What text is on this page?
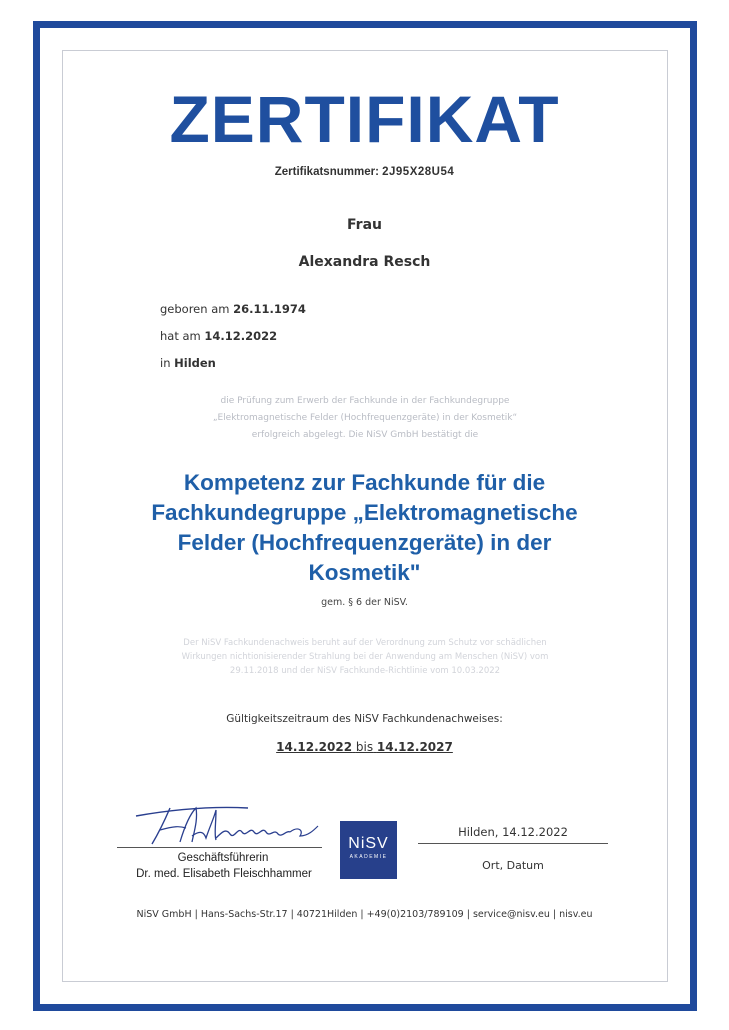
ZERTIFIKAT
Zertifikatsnummer: 2J95X28U54
Frau
Alexandra Resch
geboren am 26.11.1974
hat am 14.12.2022
in Hilden
die Prüfung zum Erwerb der Fachkunde in der Fachkundegruppe
„Elektromagnetische Felder (Hochfrequenzgeräte) in der Kosmetik“
erfolgreich abgelegt. Die NiSV GmbH bestätigt die
Kompetenz zur Fachkunde für die
Fachkundegruppe „Elektromagnetische
Felder (Hochfrequenzgeräte) in der
Kosmetik"
gem. § 6 der NiSV.
Der NiSV Fachkundenachweis beruht auf der Verordnung zum Schutz vor schädlichen
Wirkungen nichtionisierender Strahlung bei der Anwendung am Menschen (NiSV) vom
29.11.2018 und der NiSV Fachkunde-Richtlinie vom 10.03.2022
Gültigkeitszeitraum des NiSV Fachkundenachweises:
14.12.2022 bis 14.12.2027
Geschäftsführerin
Dr. med. Elisabeth Fleischhammer
NiSV
AKADEMIE
Hilden, 14.12.2022
Ort, Datum
NiSV GmbH | Hans-Sachs-Str.17 | 40721Hilden | +49(0)2103/789109 | service@nisv.eu | nisv.eu
